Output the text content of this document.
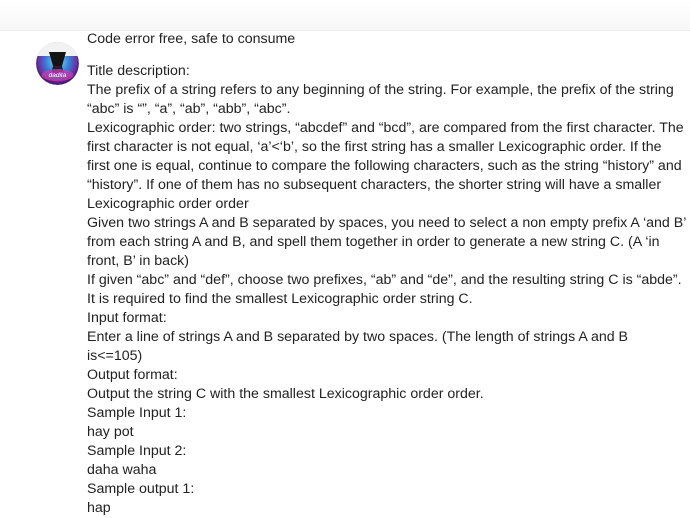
Code error free, safe to consume
dadita Title description:

The prefix of a string refers to any beginning of the string. For example, the prefix of the string “abc” is “”, “a”, “ab”, “abb”, “abc”.

Lexicographic order: two strings, “abcdef” and “bcd”, are compared from the first character. The first character is not equal, ‘a’<‘b’, so the first string has a smaller Lexicographic order. If the first one is equal, continue to compare the following characters, such as the string “history” and “history”. If one of them has no subsequent characters, the shorter string will have a smaller Lexicographic order order

Given two strings A and B separated by spaces, you need to select a non empty prefix A ‘and B’ from each string A and B, and spell them together in order to generate a new string C. (A ‘in front, B’ in back)

If given “abc” and “def”, choose two prefixes, “ab” and “de”, and the resulting string C is “abde”.

It is required to find the smallest Lexicographic order string C.

Input format:

Enter a line of strings A and B separated by two spaces. (The length of strings A and B is<=105)

Output format:

Output the string C with the smallest Lexicographic order order.

Sample Input 1:

hay pot

Sample Input 2:

daha waha

Sample output 1:

hap
